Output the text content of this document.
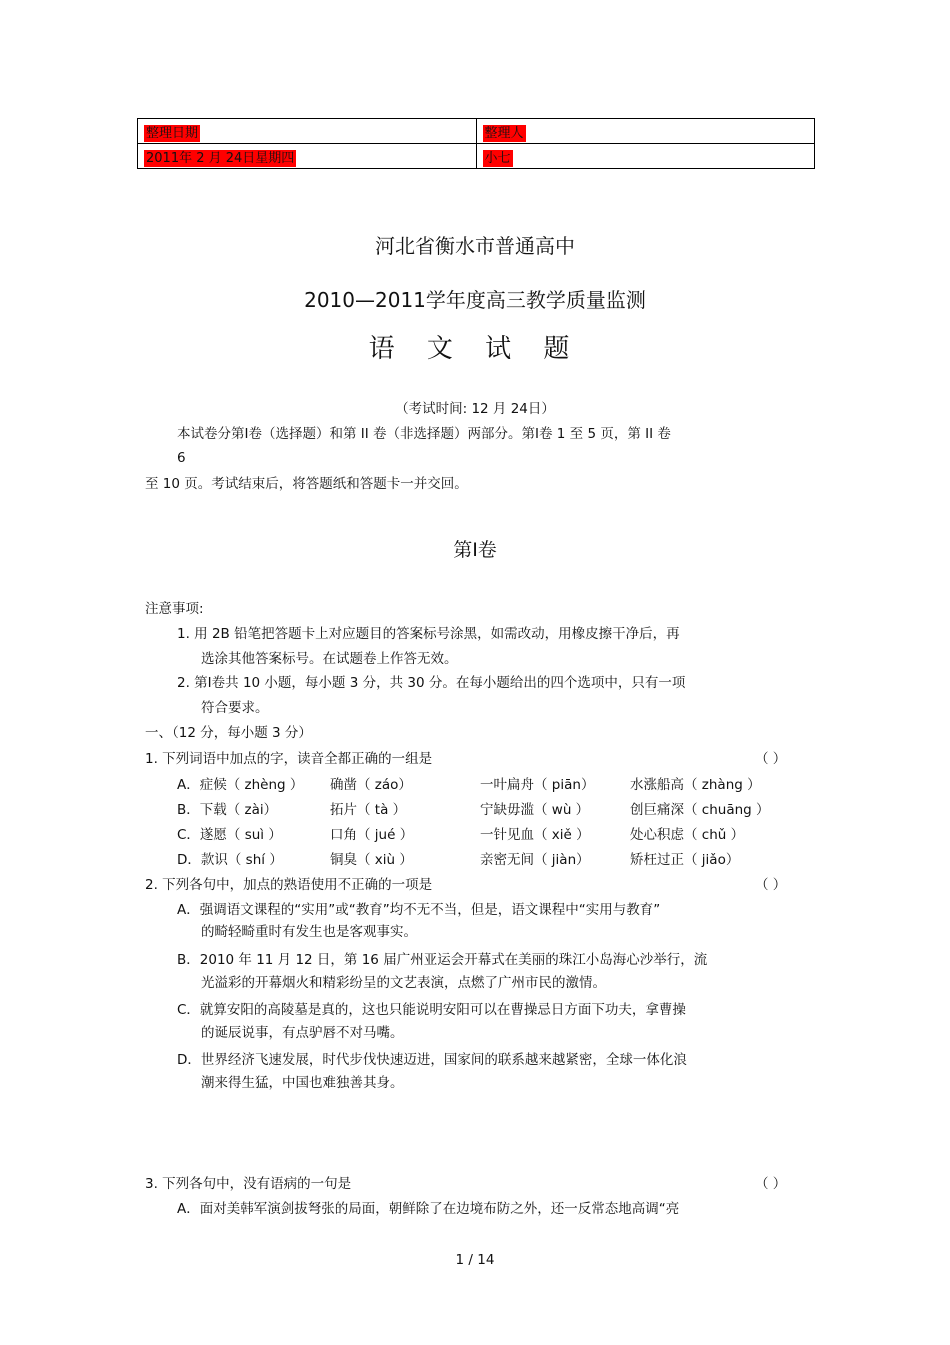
整理日期	整理人
2011年 2 月 24日星期四	小七
河北省衡水市普通高中
2010—2011学年度高三教学质量监测
语 文 试 题
（考试时间: 12 月 24日）
本试卷分第Ⅰ卷（选择题）和第 II 卷（非选择题）两部分。第Ⅰ卷 1 至 5 页，第 II 卷
6
至 10 页。考试结束后，将答题纸和答题卡一并交回。
第Ⅰ卷
注意事项:
1. 用 2B 铅笔把答题卡上对应题目的答案标号涂黑，如需改动，用橡皮擦干净后，再
选涂其他答案标号。在试题卷上作答无效。
2. 第Ⅰ卷共 10 小题，每小题 3 分，共 30 分。在每小题给出的四个选项中，只有一项
符合要求。
一、（12 分，每小题 3 分）
1. 下列词语中加点的字，读音全都正确的一组是	（ ）
A．症候（ zhèng ） 确凿（ záo）	一叶扁舟（ piān）	水涨船高（ zhàng ）
B．下载（ zài）	拓片（ tà ）	宁缺毋滥（ wù ）	创巨痛深（ chuāng ）
C．遂愿（ suì ）	口角（ jué ）	一针见血（ xiě ）	处心积虑（ chǔ ）
D．款识（ shí ）	铜臭（ xiù ）	亲密无间（ jiàn）	矫枉过正（ jiǎo）
2. 下列各句中，加点的熟语使用不正确的一项是	（ ）
A．强调语文课程的“实用”或“教育”均不无不当，但是，语文课程中“实用与教育”
的畸轻畸重时有发生也是客观事实。
B．2010 年 11 月 12 日，第 16 届广州亚运会开幕式在美丽的珠江小岛海心沙举行，流
光溢彩的开幕烟火和精彩纷呈的文艺表演，点燃了广州市民的激情。
C．就算安阳的高陵墓是真的，这也只能说明安阳可以在曹操忌日方面下功夫，拿曹操
的诞辰说事，有点驴唇不对马嘴。
D．世界经济飞速发展，时代步伐快速迈进，国家间的联系越来越紧密，全球一体化浪
潮来得生猛，中国也难独善其身。
3. 下列各句中，没有语病的一句是	（ ）
A．面对美韩军演剑拔弩张的局面，朝鲜除了在边境布防之外，还一反常态地高调“亮
1 / 14
